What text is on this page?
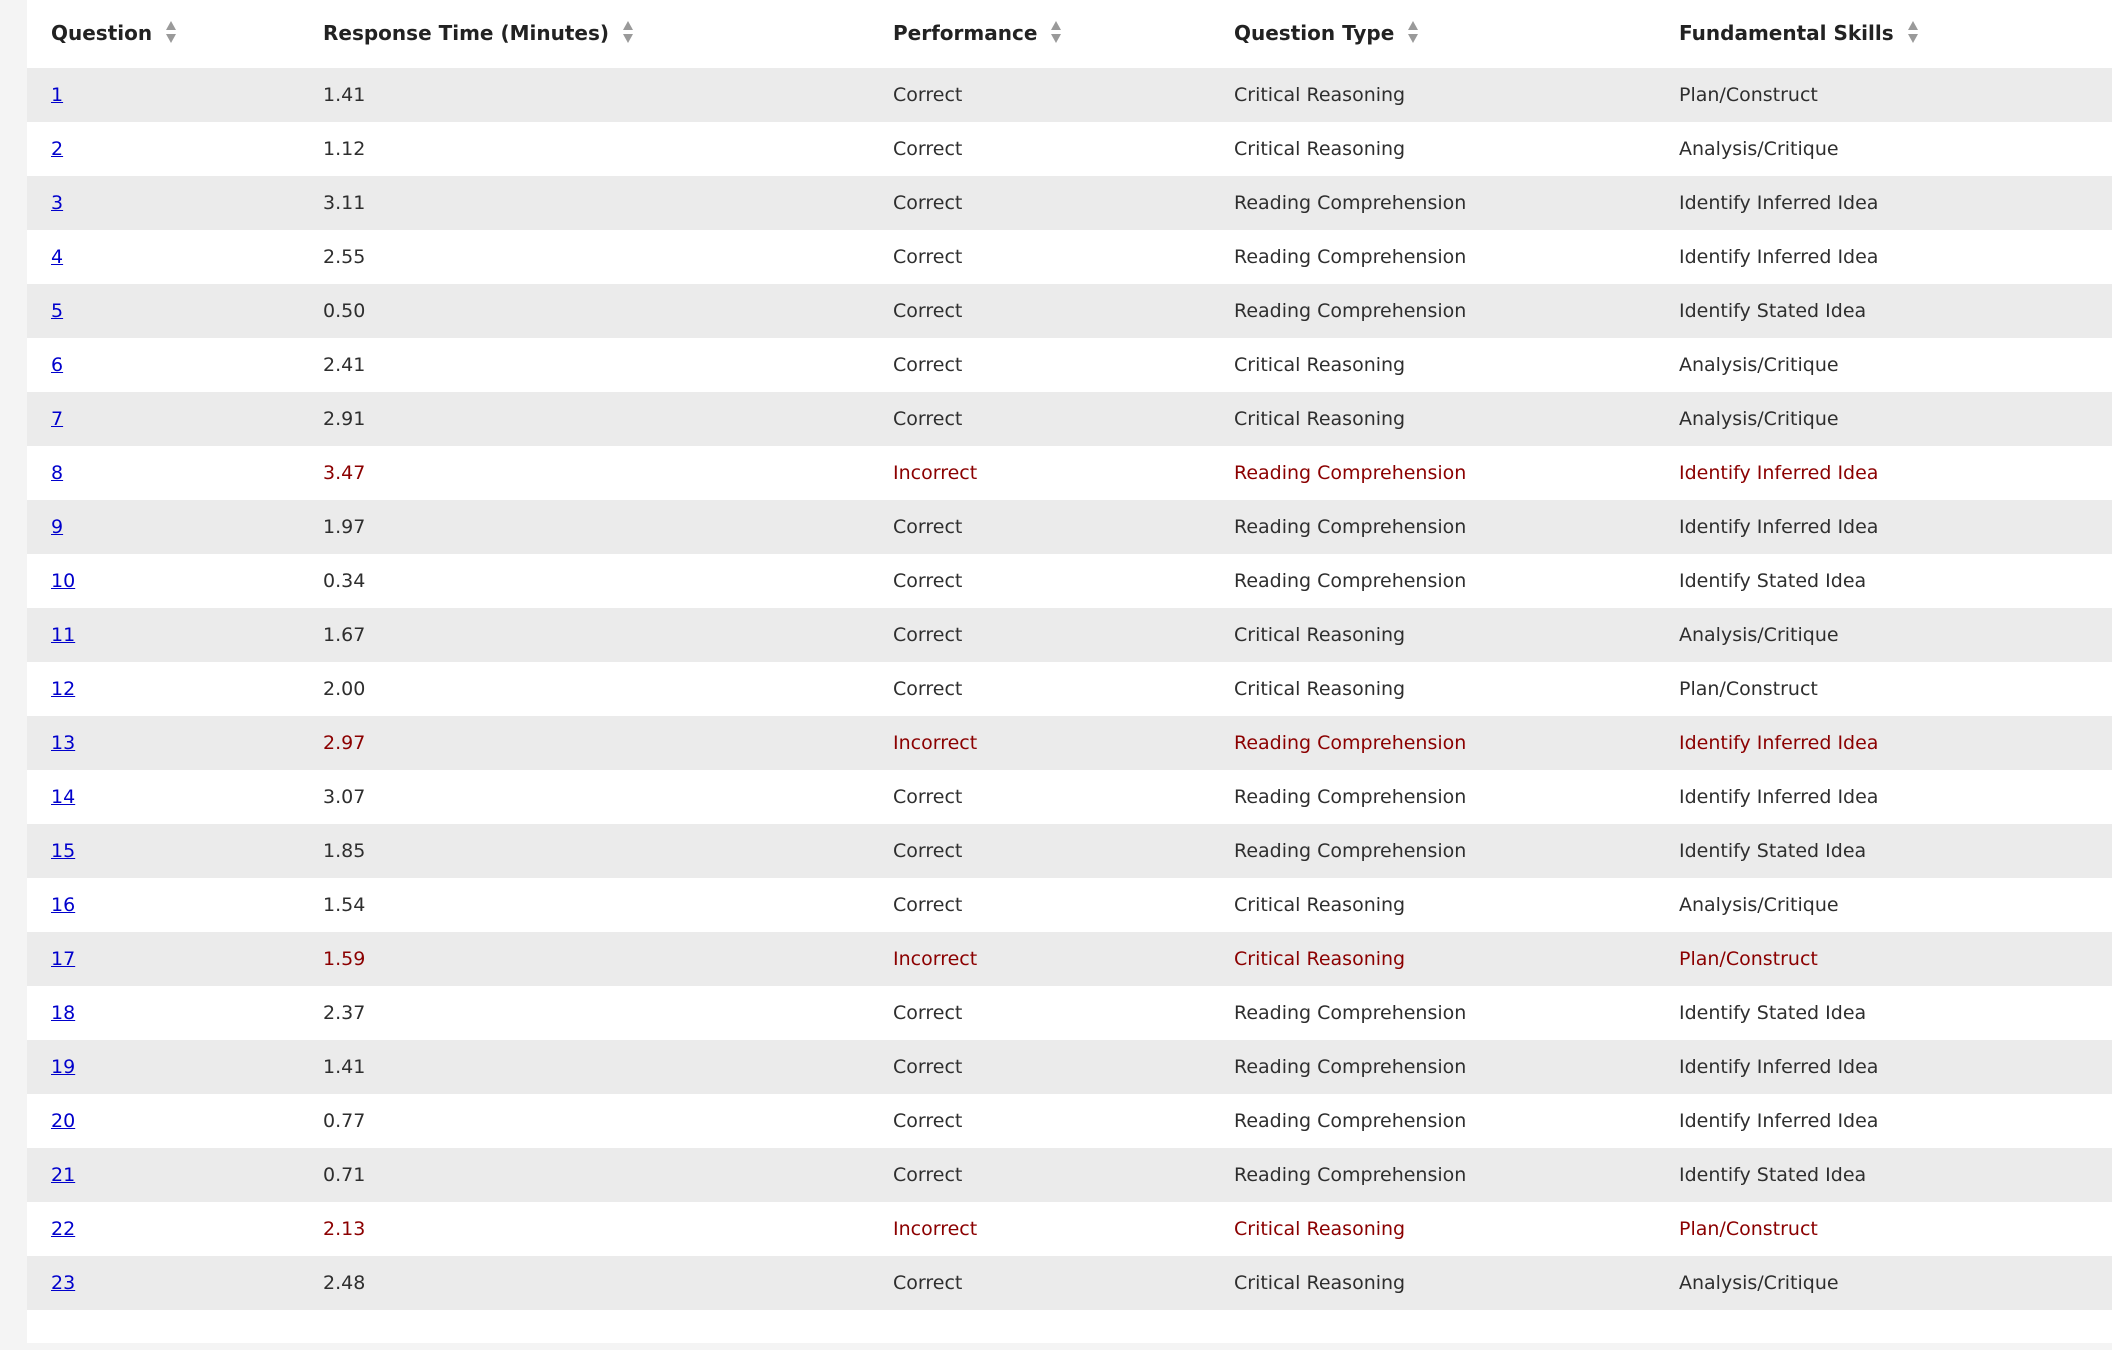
Question	Response Time (Minutes)	Performance	Question Type	Fundamental Skills
1	1.41	Correct	Critical Reasoning	Plan/Construct
2	1.12	Correct	Critical Reasoning	Analysis/Critique
3	3.11	Correct	Reading Comprehension	Identify Inferred Idea
4	2.55	Correct	Reading Comprehension	Identify Inferred Idea
5	0.50	Correct	Reading Comprehension	Identify Stated Idea
6	2.41	Correct	Critical Reasoning	Analysis/Critique
7	2.91	Correct	Critical Reasoning	Analysis/Critique
8	3.47	Incorrect	Reading Comprehension	Identify Inferred Idea
9	1.97	Correct	Reading Comprehension	Identify Inferred Idea
10	0.34	Correct	Reading Comprehension	Identify Stated Idea
11	1.67	Correct	Critical Reasoning	Analysis/Critique
12	2.00	Correct	Critical Reasoning	Plan/Construct
13	2.97	Incorrect	Reading Comprehension	Identify Inferred Idea
14	3.07	Correct	Reading Comprehension	Identify Inferred Idea
15	1.85	Correct	Reading Comprehension	Identify Stated Idea
16	1.54	Correct	Critical Reasoning	Analysis/Critique
17	1.59	Incorrect	Critical Reasoning	Plan/Construct
18	2.37	Correct	Reading Comprehension	Identify Stated Idea
19	1.41	Correct	Reading Comprehension	Identify Inferred Idea
20	0.77	Correct	Reading Comprehension	Identify Inferred Idea
21	0.71	Correct	Reading Comprehension	Identify Stated Idea
22	2.13	Incorrect	Critical Reasoning	Plan/Construct
23	2.48	Correct	Critical Reasoning	Analysis/Critique
